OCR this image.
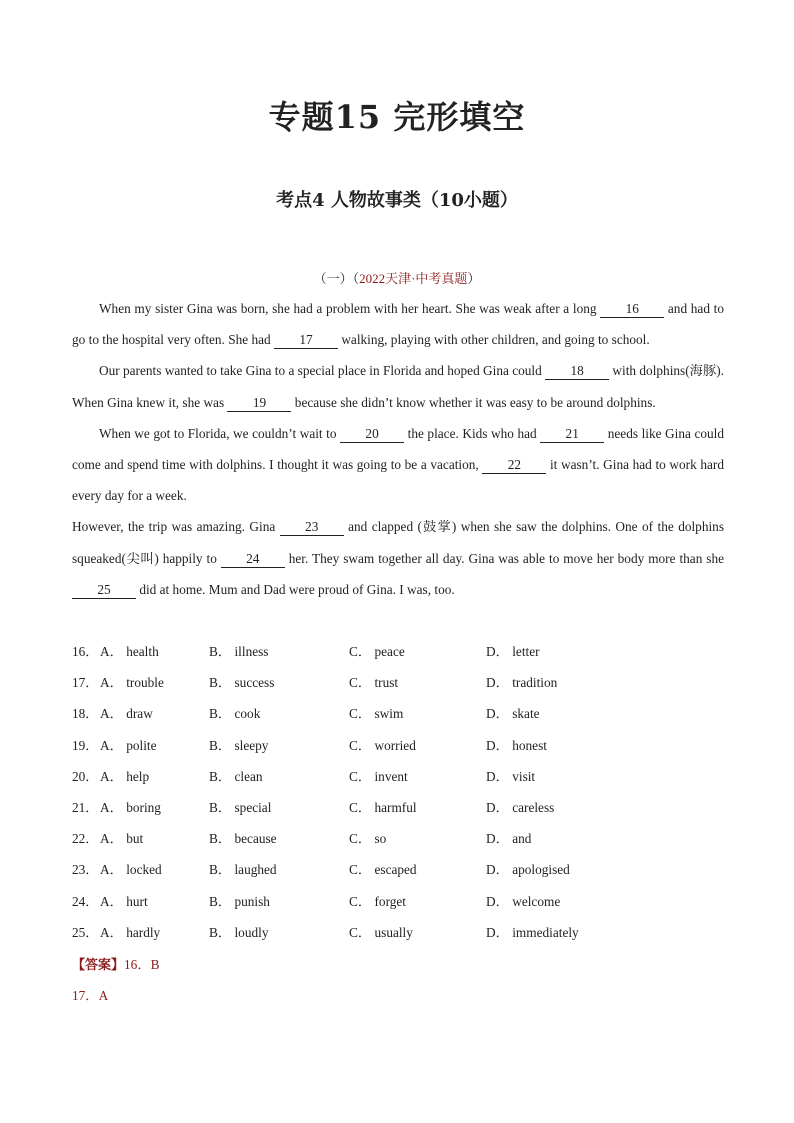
专题15 完形填空
考点4 人物故事类（10小题）
（一）（2022天津·中考真题）

When my sister Gina was born, she had a problem with her heart. She was weak after a long 16 and had to go to the hospital very often. She had 17 walking, playing with other children, and going to school.

Our parents wanted to take Gina to a special place in Florida and hoped Gina could 18 with dolphins(海豚). When Gina knew it, she was 19 because she didn’t know whether it was easy to be around dolphins.

When we got to Florida, we couldn’t wait to 20 the place. Kids who had 21 needs like Gina could come and spend time with dolphins. I thought it was going to be a vacation, 22 it wasn’t. Gina had to work hard every day for a week.

However, the trip was amazing. Gina 23 and clapped (鼓掌) when she saw the dolphins. One of the dolphins squeaked(尖叫) happily to 24 her. They swam together all day. Gina was able to move her body more than she 25 did at home. Mum and Dad were proud of Gina. I was, too.

16． A． health	B． illness	C． peace	D． letter
17． A． trouble	B． success	C． trust	D． tradition
18． A． draw	B． cook	C． swim	D． skate
19． A． polite	B． sleepy	C． worried	D． honest
20． A． help	B． clean	C． invent	D． visit
21． A． boring	B． special	C． harmful	D． careless
22． A． but	B． because	C． so	D． and
23． A． locked	B． laughed	C． escaped	D． apologised
24． A． hurt	B． punish	C． forget	D． welcome
25． A． hardly	B． loudly	C． usually	D． immediately
【答案】16．B
17．A
